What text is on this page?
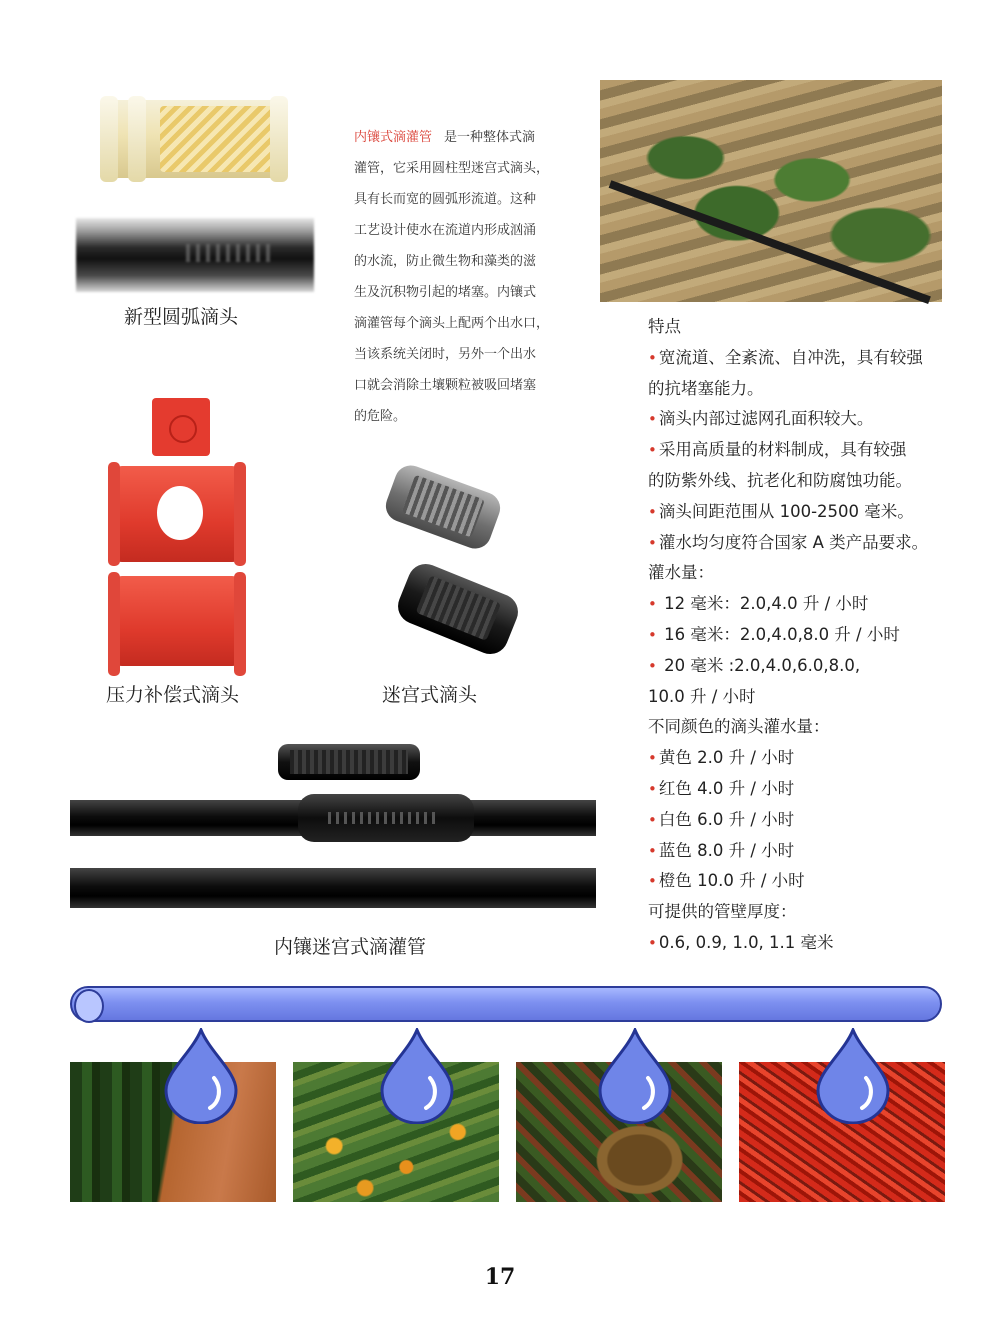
新型圆弧滴头
压力补偿式滴头	迷宫式滴头
内镶迷宫式滴灌管
内镶式滴灌管 是一种整体式滴
灌管，它采用圆柱型迷宫式滴头，
具有长而宽的圆弧形流道。这种
工艺设计使水在流道内形成汹涌
的水流，防止微生物和藻类的滋
生及沉积物引起的堵塞。内镶式
滴灌管每个滴头上配两个出水口，
当该系统关闭时，另外一个出水
口就会消除土壤颗粒被吸回堵塞
的危险。
特点
• 宽流道、全紊流、自冲洗，具有较强
的抗堵塞能力。
• 滴头内部过滤网孔面积较大。
• 采用高质量的材料制成，具有较强
的防紫外线、抗老化和防腐蚀功能。
• 滴头间距范围从 100-2500 毫米。
• 灌水均匀度符合国家 A 类产品要求。
灌水量：
• 12 毫米：2.0,4.0 升 / 小时
• 16 毫米：2.0,4.0,8.0 升 / 小时
• 20 毫米 :2.0,4.0,6.0,8.0,
10.0 升 / 小时
不同颜色的滴头灌水量：
• 黄色 2.0 升 / 小时
• 红色 4.0 升 / 小时
• 白色 6.0 升 / 小时
• 蓝色 8.0 升 / 小时
• 橙色 10.0 升 / 小时
可提供的管壁厚度：
• 0.6, 0.9, 1.0, 1.1 毫米
17
